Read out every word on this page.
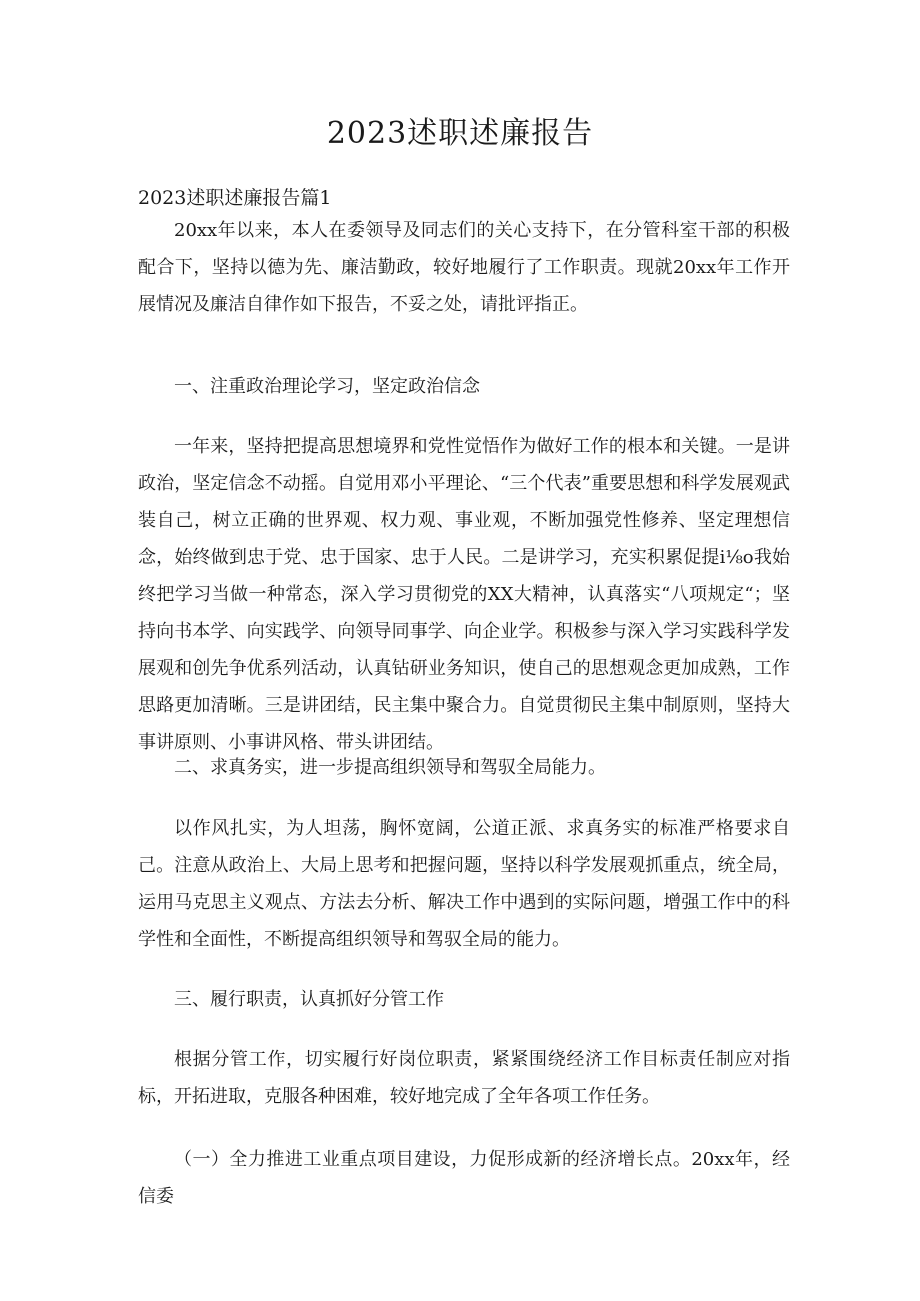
2023述职述廉报告

2023述职述廉报告篇1

20xx年以来，本人在委领导及同志们的关心支持下，在分管科室干部的积极配合下，坚持以德为先、廉洁勤政，较好地履行了工作职责。现就20xx年工作开展情况及廉洁自律作如下报告，不妥之处，请批评指正。

一、注重政治理论学习，坚定政治信念

一年来，坚持把提高思想境界和党性觉悟作为做好工作的根本和关键。一是讲政治，坚定信念不动摇。自觉用邓小平理论、“三个代表”重要思想和科学发展观武装自己，树立正确的世界观、权力观、事业观，不断加强党性修养、坚定理想信念，始终做到忠于党、忠于国家、忠于人民。二是讲学习，充实积累促提i⅛o我始终把学习当做一种常态，深入学习贯彻党的XX大精神，认真落实“八项规定“；坚持向书本学、向实践学、向领导同事学、向企业学。积极参与深入学习实践科学发展观和创先争优系列活动，认真钻研业务知识，使自己的思想观念更加成熟，工作思路更加清晰。三是讲团结，民主集中聚合力。自觉贯彻民主集中制原则，坚持大事讲原则、小事讲风格、带头讲团结。

二、求真务实，进一步提高组织领导和驾驭全局能力。

以作风扎实，为人坦荡，胸怀宽阔，公道正派、求真务实的标准严格要求自己。注意从政治上、大局上思考和把握问题，坚持以科学发展观抓重点，统全局，运用马克思主义观点、方法去分析、解决工作中遇到的实际问题，增强工作中的科学性和全面性，不断提高组织领导和驾驭全局的能力。

三、履行职责，认真抓好分管工作

根据分管工作，切实履行好岗位职责，紧紧围绕经济工作目标责任制应对指标，开拓进取，克服各种困难，较好地完成了全年各项工作任务。

（一）全力推进工业重点项目建设，力促形成新的经济增长点。20xx年，经信委
